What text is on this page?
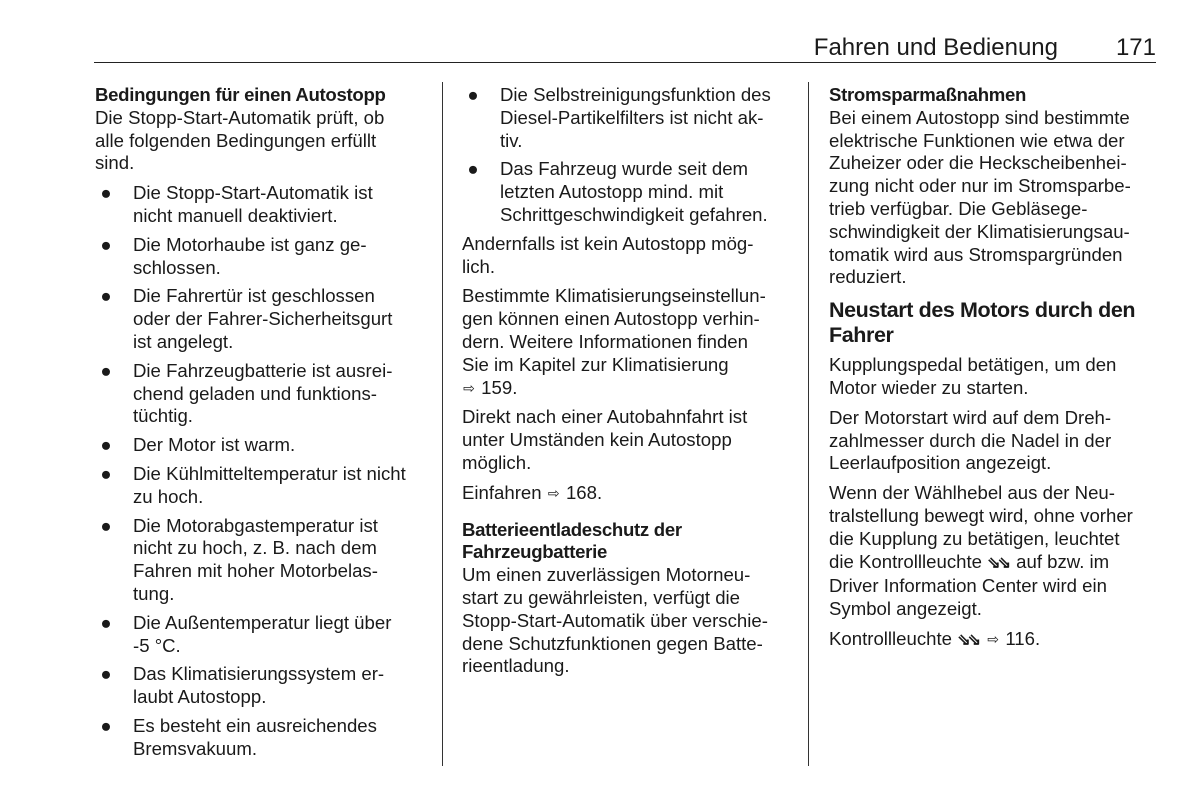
Fahren und Bedienung 171
Bedingungen für einen Autostopp

Die Stopp-Start-Automatik prüft, ob
alle folgenden Bedingungen erfüllt
sind.

● Die Stopp-Start-Automatik ist
nicht manuell deaktiviert.
● Die Motorhaube ist ganz ge-
schlossen.
● Die Fahrertür ist geschlossen
oder der Fahrer-Sicherheitsgurt
ist angelegt.
● Die Fahrzeugbatterie ist ausrei-
chend geladen und funktions-
tüchtig.
● Der Motor ist warm.
● Die Kühlmitteltemperatur ist nicht
zu hoch.
● Die Motorabgastemperatur ist
nicht zu hoch, z. B. nach dem
Fahren mit hoher Motorbelas-
tung.
● Die Außentemperatur liegt über
-5 °C.
● Das Klimatisierungssystem er-
laubt Autostopp.
● Es besteht ein ausreichendes
Bremsvakuum.
● Die Selbstreinigungsfunktion des
Diesel-Partikelfilters ist nicht ak-
tiv.
● Das Fahrzeug wurde seit dem
letzten Autostopp mind. mit
Schrittgeschwindigkeit gefahren.

Andernfalls ist kein Autostopp mög-
lich.

Bestimmte Klimatisierungseinstellun-
gen können einen Autostopp verhin-
dern. Weitere Informationen finden
Sie im Kapitel zur Klimatisierung
⇨ 159.

Direkt nach einer Autobahnfahrt ist
unter Umständen kein Autostopp
möglich.

Einfahren ⇨ 168.

Batterieentladeschutz der
Fahrzeugbatterie

Um einen zuverlässigen Motorneu-
start zu gewährleisten, verfügt die
Stopp-Start-Automatik über verschie-
dene Schutzfunktionen gegen Batte-
rieentladung.

Stromsparmaßnahmen

Bei einem Autostopp sind bestimmte
elektrische Funktionen wie etwa der
Zuheizer oder die Heckscheibenhei-
zung nicht oder nur im Stromsparbe-
trieb verfügbar. Die Gebläsege-
schwindigkeit der Klimatisierungsau-
tomatik wird aus Stromspargründen
reduziert.

Neustart des Motors durch den
Fahrer

Kupplungspedal betätigen, um den
Motor wieder zu starten.

Der Motorstart wird auf dem Dreh-
zahlmesser durch die Nadel in der
Leerlaufposition angezeigt.

Wenn der Wählhebel aus der Neu-
tralstellung bewegt wird, ohne vorher
die Kupplung zu betätigen, leuchtet
die Kontrollleuchte ⇘⇘ auf bzw. im
Driver Information Center wird ein
Symbol angezeigt.

Kontrollleuchte ⇘⇘ ⇨ 116.
